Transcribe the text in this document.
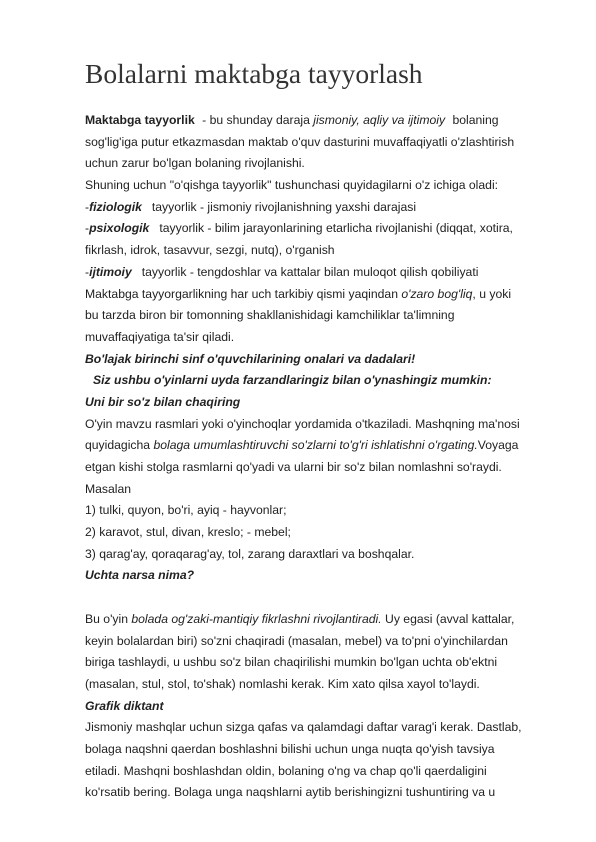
Bolalarni maktabga tayyorlash
Maktabga tayyorlik - bu shunday daraja jismoniy, aqliy va ijtimoiy bolaning
sog'lig'iga putur etkazmasdan maktab o'quv dasturini muvaffaqiyatli o'zlashtirish
uchun zarur bo'lgan bolaning rivojlanishi.
Shuning uchun "o'qishga tayyorlik" tushunchasi quyidagilarni o'z ichiga oladi:
-fiziologik tayyorlik - jismoniy rivojlanishning yaxshi darajasi
-psixologik tayyorlik - bilim jarayonlarining etarlicha rivojlanishi (diqqat, xotira,
fikrlash, idrok, tasavvur, sezgi, nutq), o'rganish
-ijtimoiy tayyorlik - tengdoshlar va kattalar bilan muloqot qilish qobiliyati
Maktabga tayyorgarlikning har uch tarkibiy qismi yaqindan o'zaro bog'liq, u yoki
bu tarzda biron bir tomonning shakllanishidagi kamchiliklar ta'limning
muvaffaqiyatiga ta'sir qiladi.
Bo'lajak birinchi sinf o'quvchilarining onalari va dadalari!
Siz ushbu o'yinlarni uyda farzandlaringiz bilan o'ynashingiz mumkin:
Uni bir so'z bilan chaqiring
O'yin mavzu rasmlari yoki o'yinchoqlar yordamida o'tkaziladi. Mashqning ma'nosi
quyidagicha bolaga umumlashtiruvchi so'zlarni to'g'ri ishlatishni o'rgating.Voyaga
etgan kishi stolga rasmlarni qo'yadi va ularni bir so'z bilan nomlashni so'raydi.
Masalan
1) tulki, quyon, bo'ri, ayiq - hayvonlar;
2) karavot, stul, divan, kreslo; - mebel;
3) qarag'ay, qoraqarag'ay, tol, zarang daraxtlari va boshqalar.
Uchta narsa nima?
Bu o'yin bolada og'zaki-mantiqiy fikrlashni rivojlantiradi. Uy egasi (avval kattalar,
keyin bolalardan biri) so'zni chaqiradi (masalan, mebel) va to'pni o'yinchilardan
biriga tashlaydi, u ushbu so'z bilan chaqirilishi mumkin bo'lgan uchta ob'ektni
(masalan, stul, stol, to'shak) nomlashi kerak. Kim xato qilsa xayol to'laydi.
Grafik diktant
Jismoniy mashqlar uchun sizga qafas va qalamdagi daftar varag'i kerak. Dastlab,
bolaga naqshni qaerdan boshlashni bilishi uchun unga nuqta qo'yish tavsiya
etiladi. Mashqni boshlashdan oldin, bolaning o'ng va chap qo'li qaerdaligini
ko'rsatib bering. Bolaga unga naqshlarni aytib berishingizni tushuntiring va u
